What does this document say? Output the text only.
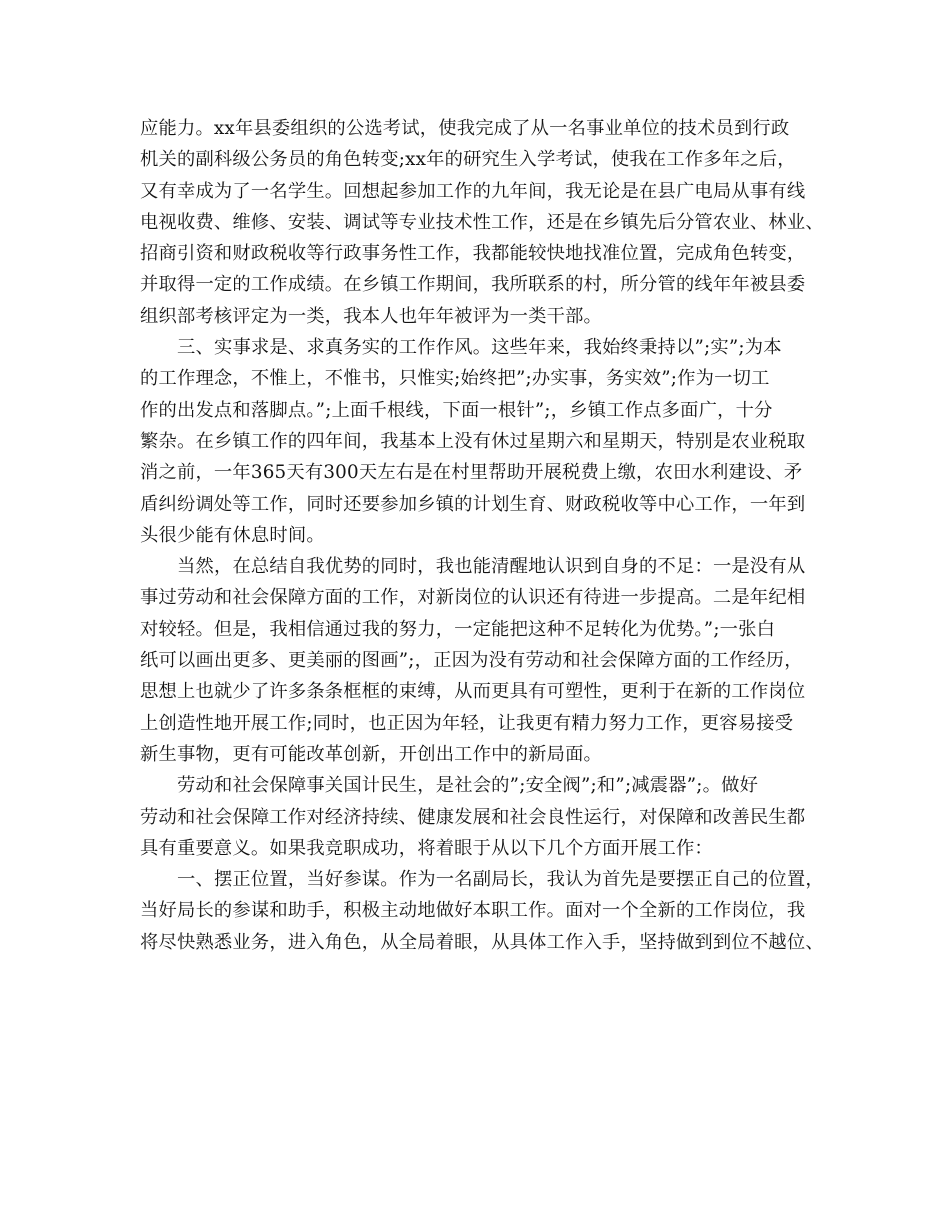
应能力。xx年县委组织的公选考试，使我完成了从一名事业单位的技术员到行政
机关的副科级公务员的角色转变;xx年的研究生入学考试，使我在工作多年之后，
又有幸成为了一名学生。回想起参加工作的九年间，我无论是在县广电局从事有线
电视收费、维修、安装、调试等专业技术性工作，还是在乡镇先后分管农业、林业、
招商引资和财政税收等行政事务性工作，我都能较快地找准位置，完成角色转变，
并取得一定的工作成绩。在乡镇工作期间，我所联系的村，所分管的线年年被县委
组织部考核评定为一类，我本人也年年被评为一类干部。
三、实事求是、求真务实的工作作风。这些年来，我始终秉持以”;实”;为本
的工作理念，不惟上，不惟书，只惟实;始终把”;办实事，务实效”;作为一切工
作的出发点和落脚点。”;上面千根线，下面一根针”;，乡镇工作点多面广，十分
繁杂。在乡镇工作的四年间，我基本上没有休过星期六和星期天，特别是农业税取
消之前，一年365天有300天左右是在村里帮助开展税费上缴，农田水利建设、矛
盾纠纷调处等工作，同时还要参加乡镇的计划生育、财政税收等中心工作，一年到
头很少能有休息时间。
当然，在总结自我优势的同时，我也能清醒地认识到自身的不足：一是没有从
事过劳动和社会保障方面的工作，对新岗位的认识还有待进一步提高。二是年纪相
对较轻。但是，我相信通过我的努力，一定能把这种不足转化为优势。”;一张白
纸可以画出更多、更美丽的图画”;，正因为没有劳动和社会保障方面的工作经历，
思想上也就少了许多条条框框的束缚，从而更具有可塑性，更利于在新的工作岗位
上创造性地开展工作;同时，也正因为年轻，让我更有精力努力工作，更容易接受
新生事物，更有可能改革创新，开创出工作中的新局面。
劳动和社会保障事关国计民生，是社会的”;安全阀”;和”;减震器”;。做好
劳动和社会保障工作对经济持续、健康发展和社会良性运行，对保障和改善民生都
具有重要意义。如果我竞职成功，将着眼于从以下几个方面开展工作：
一、摆正位置，当好参谋。作为一名副局长，我认为首先是要摆正自己的位置，
当好局长的参谋和助手，积极主动地做好本职工作。面对一个全新的工作岗位，我
将尽快熟悉业务，进入角色，从全局着眼，从具体工作入手，坚持做到到位不越位、
